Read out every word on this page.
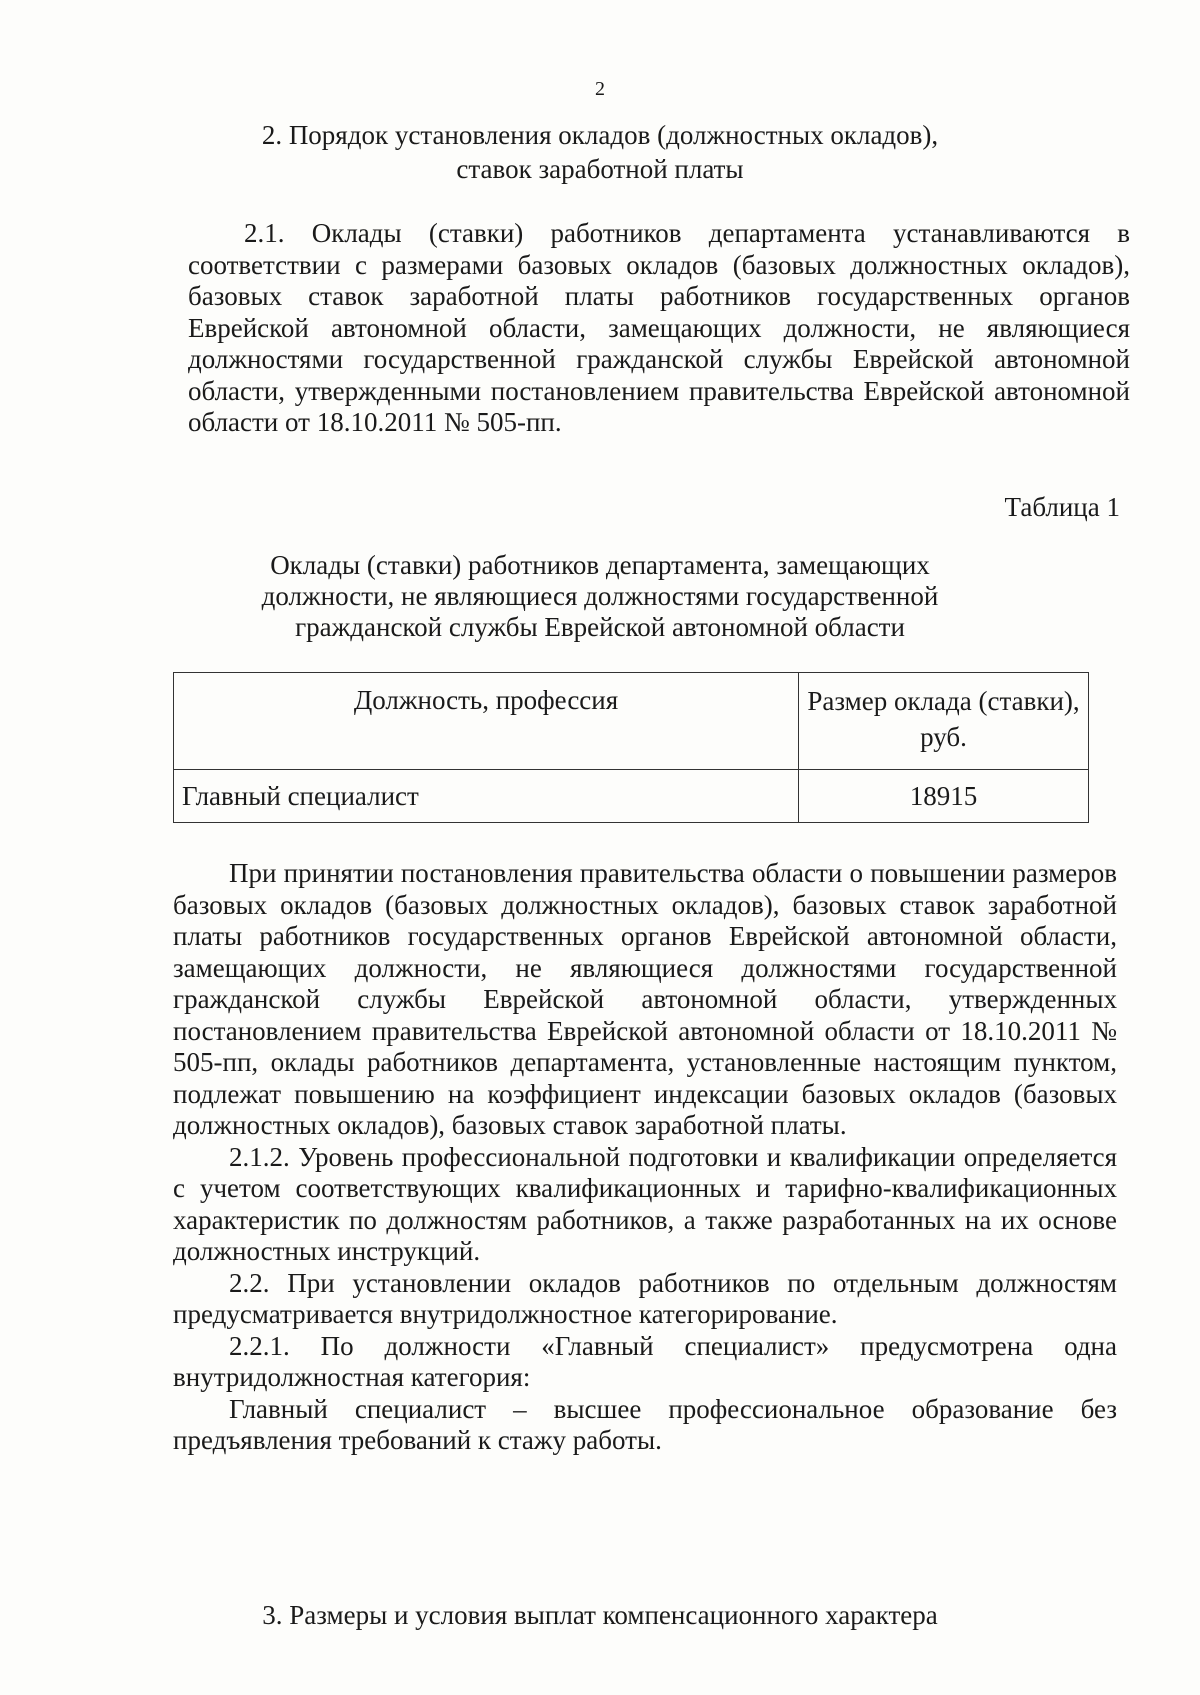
2
2. Порядок установления окладов (должностных окладов),
ставок заработной платы

2.1. Оклады (ставки) работников департамента устанавливаются в соответствии с размерами базовых окладов (базовых должностных окладов), базовых ставок заработной платы работников государственных органов Еврейской автономной области, замещающих должности, не являющиеся должностями государственной гражданской службы Еврейской автономной области, утвержденными постановлением правительства Еврейской автономной области от 18.10.2011 № 505-пп.

Таблица 1
Оклады (ставки) работников департамента, замещающих
должности, не являющиеся должностями государственной
гражданской службы Еврейской автономной области
Должность, профессия	Размер оклада (ставки), руб.
Главный специалист	18915

При принятии постановления правительства области о повышении размеров базовых окладов (базовых должностных окладов), базовых ставок заработной платы работников государственных органов Еврейской автономной области, замещающих должности, не являющиеся должностями государственной гражданской службы Еврейской автономной области, утвержденных постановлением правительства Еврейской автономной области от 18.10.2011 № 505-пп, оклады работников департамента, установленные настоящим пунктом, подлежат повышению на коэффициент индексации базовых окладов (базовых должностных окладов), базовых ставок заработной платы.

2.1.2. Уровень профессиональной подготовки и квалификации определяется с учетом соответствующих квалификационных и тарифно-квалификационных характеристик по должностям работников, а также разработанных на их основе должностных инструкций.

2.2. При установлении окладов работников по отдельным должностям предусматривается внутридолжностное категорирование.

2.2.1. По должности «Главный специалист» предусмотрена одна внутридолжностная категория:

Главный специалист – высшее профессиональное образование без предъявления требований к стажу работы.

3. Размеры и условия выплат компенсационного характера
